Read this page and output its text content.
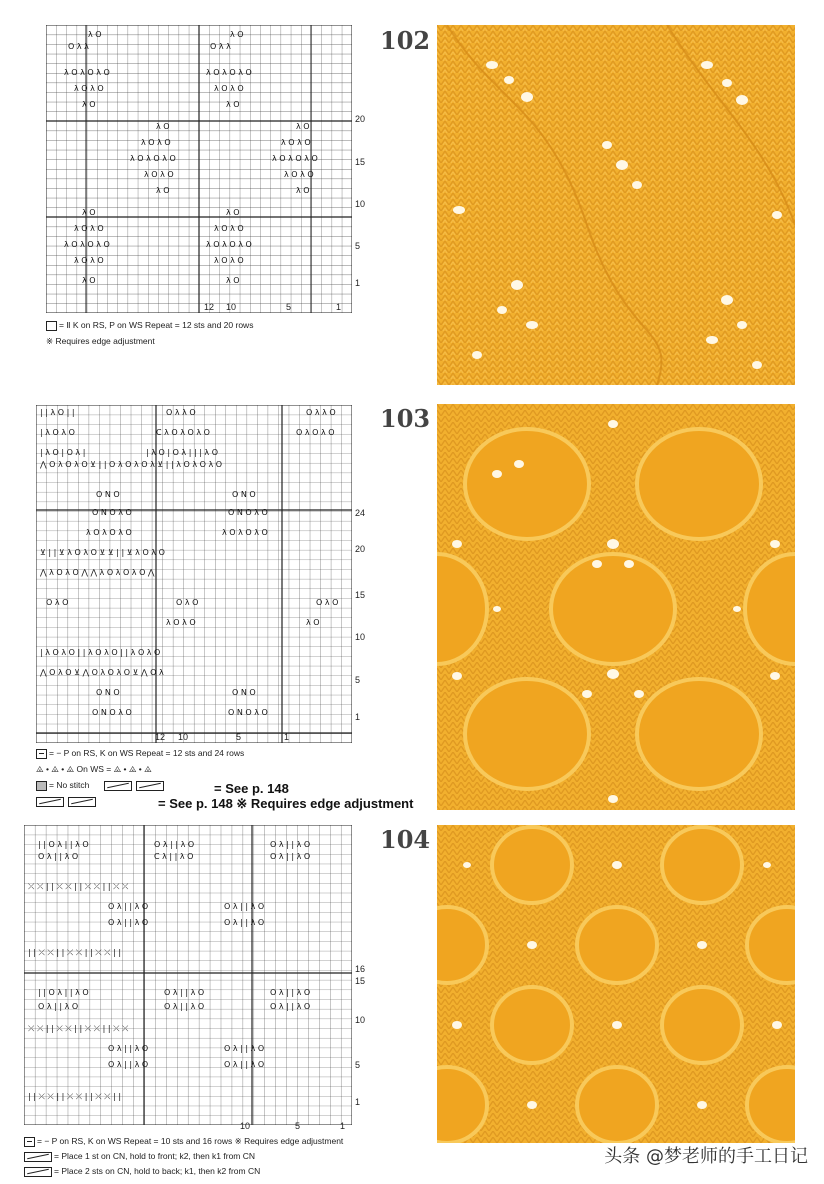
λ O	λ O
O λ λ	O λ λ
λ O λ O λ O	λ O λ O λ O
λ O λ O	λ O λ O
λ O	λ O
λ O	λ O
λ O λ O	λ O λ O
λ O λ O λ O	λ O λ O λ O
λ O λ O	λ O λ O
λ O	λ O
λ O	λ O
λ O λ O	λ O λ O
λ O λ O λ O	λ O λ O λ O
λ O λ O	λ O λ O
λ O	λ O
20
15
10
5
1
12 10	5	1
= Ⅱ K on RS, P on WS Repeat = 12 sts and 20 rows
※ Requires edge adjustment
102
| | λ O | |	O λ λ O	O λ λ O
| λ O λ O	C λ O λ O λ O	O λ O λ O
| λ O | O λ |	| λ O | O λ | | | λ O
⋀ O λ O λ O ⊻ | | O λ O λ O λ ⊻ | | λ O λ O λ O
O N O	O N O
O N O λ O	O N O λ O
λ O λ O λ O	λ O λ O λ O
⊻ | | ⊻ λ O λ O ⊻ ⊻ | | ⊻ λ O λ O
⋀ λ O λ O ⋀ ⋀ λ O λ O λ O ⋀
O λ O	O λ O	O λ O
λ O λ O	λ O
| λ O λ O | | λ O λ O | | λ O λ O
⋀ O λ O ⊻ ⋀ O λ O λ O ⊻ ⋀ O λ
O N O	O N O
O N O λ O	O N O λ O
24
20
15
10
5
1
12 10	5	1
= − P on RS, K on WS Repeat = 12 sts and 24 rows
⨻ • ⨻ • ⨻ On WS = ⨻ • ⨻ • ⨻
= No stitch	= See p. 148

= See p. 148 ※ Requires edge adjustment
103
| | O λ | | λ O	O λ | | λ O	O λ | | λ O
O λ | | λ O	C λ | | λ O	O λ | | λ O
⤫ ⤫ | | ⤫ ⤫ | | ⤫ ⤫ | | ⤫ ⤫
O λ | | λ O	O λ | | λ O
O λ | | λ O	O λ | | λ O
| | ⤫ ⤫ | | ⤫ ⤫ | | ⤫ ⤫ | |
| | O λ | | λ O	O λ | | λ O	O λ | | λ O
O λ | | λ O	O λ | | λ O	O λ | | λ O
⤫ ⤫ | | ⤫ ⤫ | | ⤫ ⤫ | | ⤫ ⤫
O λ | | λ O	O λ | | λ O
O λ | | λ O	O λ | | λ O
| | ⤫ ⤫ | | ⤫ ⤫ | | ⤫ ⤫ | |
16
15
10
5
1
10	5	1
= − P on RS, K on WS Repeat = 10 sts and 16 rows ※ Requires edge adjustment
= Place 1 st on CN, hold to front; k2, then k1 from CN
= Place 2 sts on CN, hold to back; k1, then k2 from CN
104
头条 @梦老师的手工日记
